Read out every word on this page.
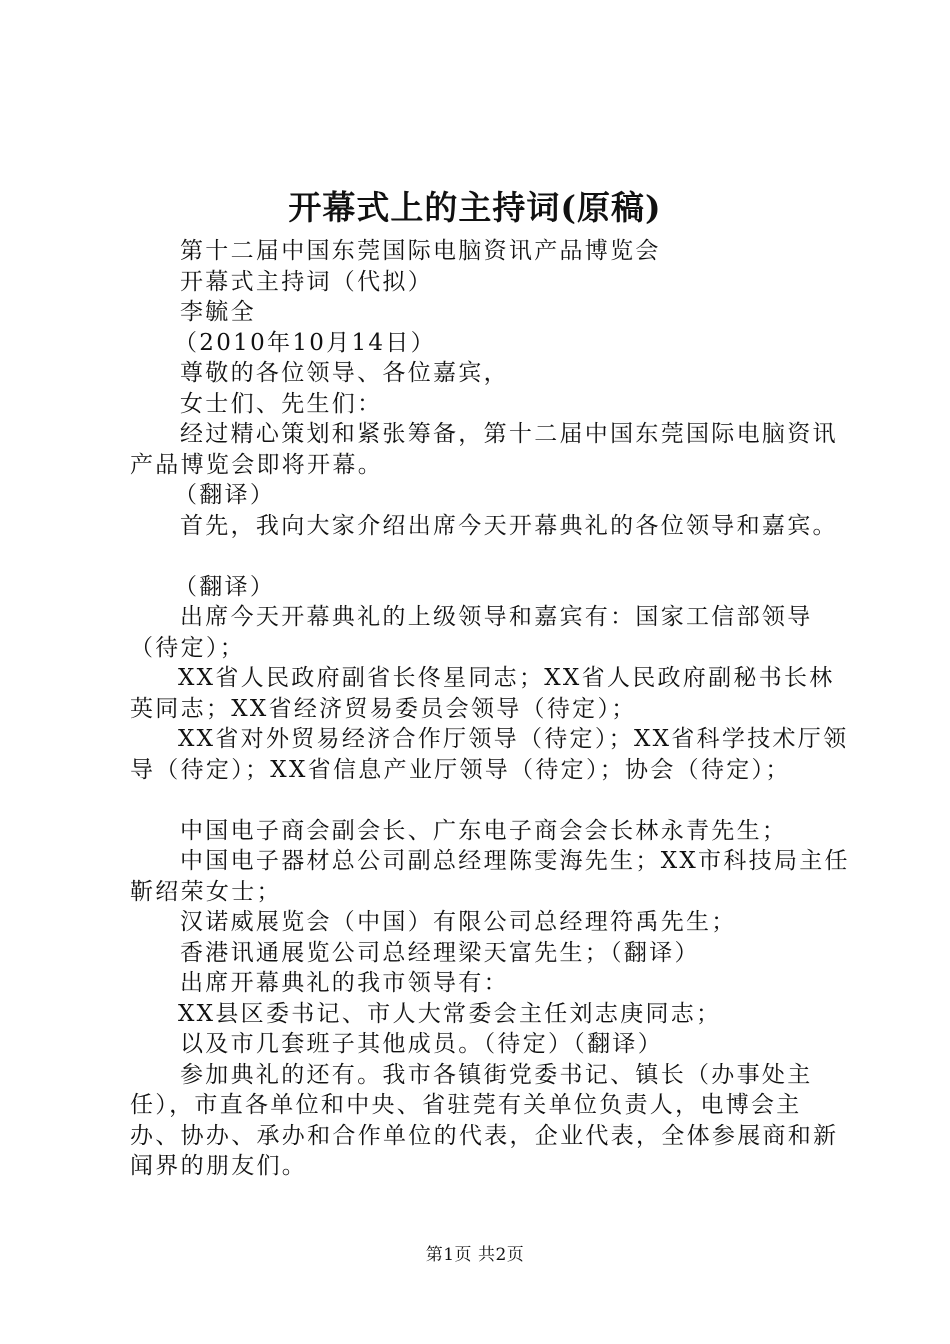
开幕式上的主持词(原稿)

第十二届中国东莞国际电脑资讯产品博览会

开幕式主持词（代拟）

李毓全

（2010年10月14日）

尊敬的各位领导、各位嘉宾，

女士们、先生们：

经过精心策划和紧张筹备，第十二届中国东莞国际电脑资讯产品博览会即将开幕。

（翻译）

首先，我向大家介绍出席今天开幕典礼的各位领导和嘉宾。

（翻译）

出席今天开幕典礼的上级领导和嘉宾有：国家工信部领导（待定）；

XX省人民政府副省长佟星同志；XX省人民政府副秘书长林英同志；XX省经济贸易委员会领导（待定）；

XX省对外贸易经济合作厅领导（待定）；XX省科学技术厅领导（待定）；XX省信息产业厅领导（待定）；协会（待定）；

中国电子商会副会长、广东电子商会会长林永青先生；

中国电子器材总公司副总经理陈雯海先生；XX市科技局主任靳绍荣女士；

汉诺威展览会（中国）有限公司总经理符禹先生；

香港讯通展览公司总经理梁天富先生；（翻译）

出席开幕典礼的我市领导有：

XX县区委书记、市人大常委会主任刘志庚同志；

以及市几套班子其他成员。（待定）（翻译）

参加典礼的还有。我市各镇街党委书记、镇长（办事处主任），市直各单位和中央、省驻莞有关单位负责人，电博会主办、协办、承办和合作单位的代表，企业代表，全体参展商和新闻界的朋友们。

第1页 共2页
